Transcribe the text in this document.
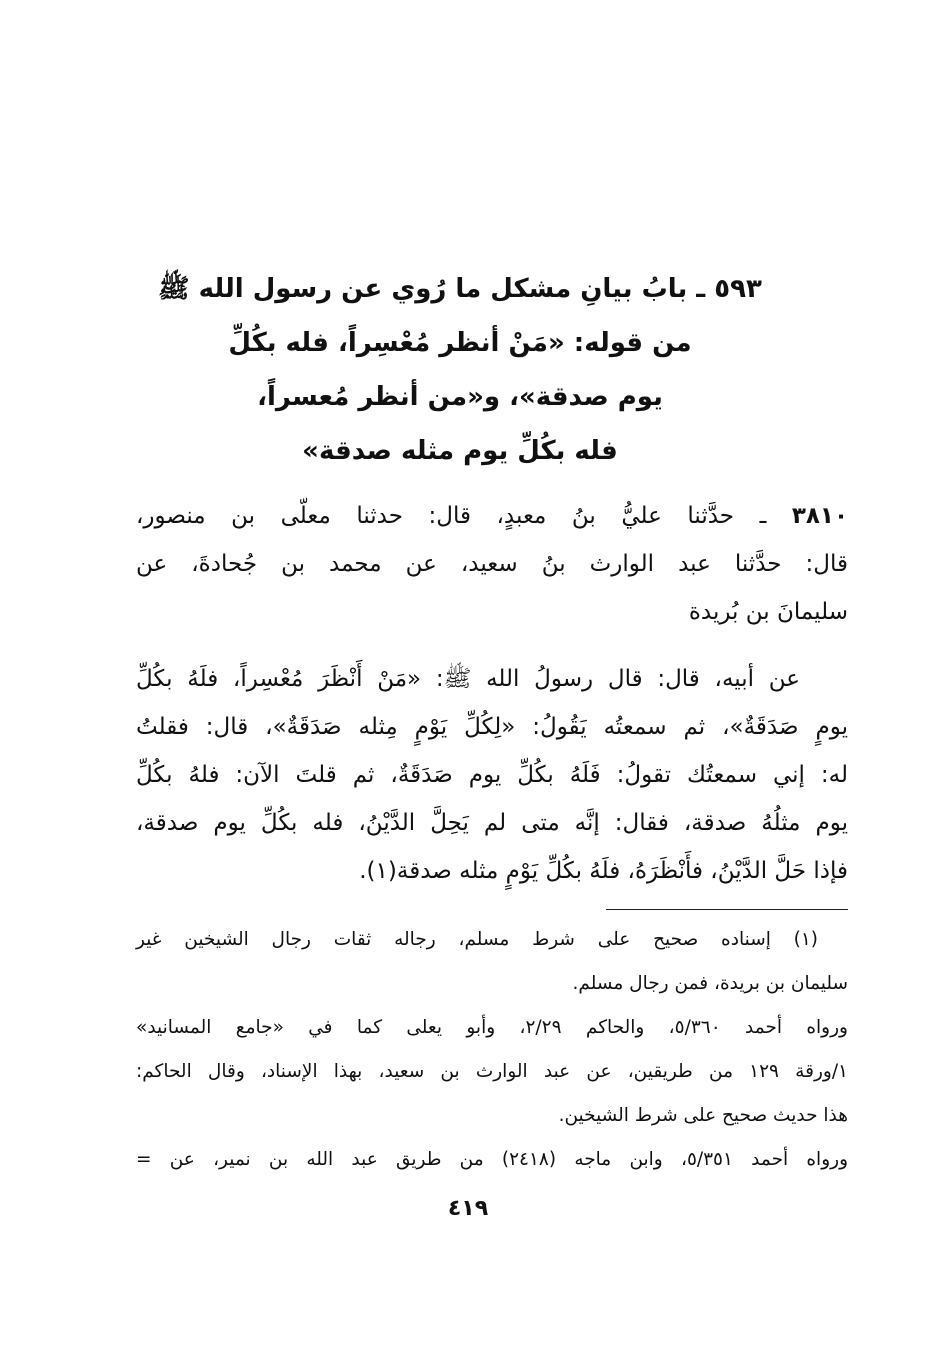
٥٩٣ ـ بابُ بيانِ مشكل ما رُوي عن رسول الله ﷺ
من قوله: «مَنْ أنظر مُعْسِراً، فله بكُلِّ
يوم صدقة»، و«من أنظر مُعسراً،
فله بكُلِّ يوم مثله صدقة»
٣٨١٠ ـ حدَّثنا عليُّ بنُ معبدٍ، قال: حدثنا معلّى بن منصور،
قال: حدَّثنا عبد الوارث بنُ سعيد، عن محمد بن جُحادةَ، عن
سليمانَ بن بُريدة
عن أبيه، قال: قال رسولُ الله ﷺ: «مَنْ أَنْظَرَ مُعْسِراً، فلَهُ بكُلِّ
يومٍ صَدَقَةٌ»، ثم سمعتُه يَقُولُ: «لِكُلِّ يَوْمٍ مِثله صَدَقَةٌ»، قال: فقلتُ
له: إني سمعتُك تقولُ: فَلَهُ بكُلِّ يوم صَدَقَةٌ، ثم قلتَ الآن: فلهُ بكُلِّ
يوم مثلُهُ صدقة، فقال: إنَّه متى لم يَحِلَّ الدَّيْنُ، فله بكُلِّ يوم صدقة،
فإذا حَلَّ الدَّيْنُ، فأَنْظَرَهُ، فلَهُ بكُلِّ يَوْمٍ مثله صدقة(١).
(١) إسناده صحيح على شرط مسلم، رجاله ثقات رجال الشيخين غير
سليمان بن بريدة، فمن رجال مسلم.
ورواه أحمد ٥/٣٦٠، والحاكم ٢/٢٩، وأبو يعلى كما في «جامع المسانيد»
١/ورقة ١٢٩ من طريقين، عن عبد الوارث بن سعيد، بهذا الإسناد، وقال الحاكم:
هذا حديث صحيح على شرط الشيخين.
ورواه أحمد ٥/٣٥١، وابن ماجه (٢٤١٨) من طريق عبد الله بن نمير، عن =
٤١٩
